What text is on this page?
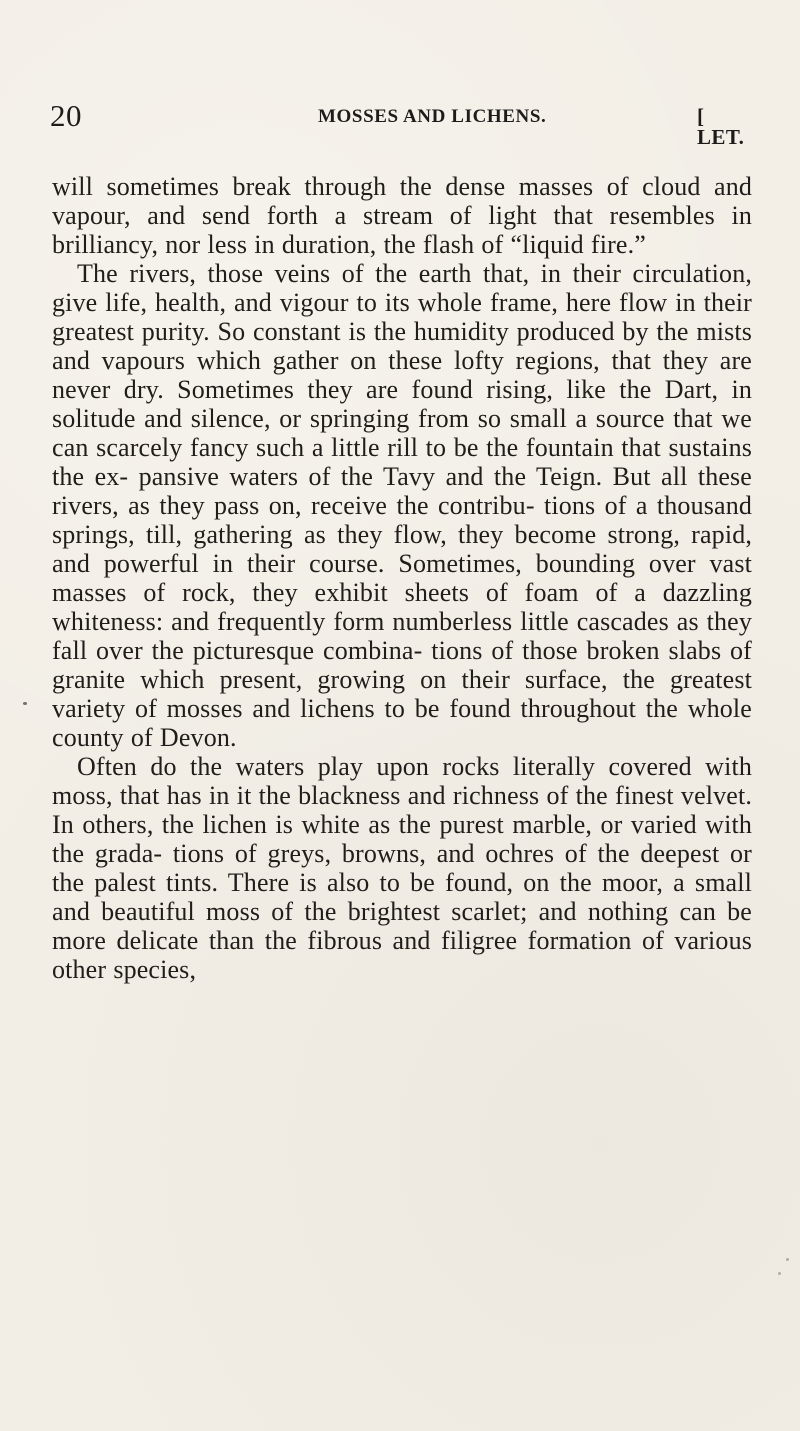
20	MOSSES AND LICHENS.	[ LET.

will sometimes break through the dense masses of cloud and vapour, and send forth a stream of light that resembles in brilliancy, nor less in duration, the flash of “liquid fire.”

The rivers, those veins of the earth that, in their circulation, give life, health, and vigour to its whole frame, here flow in their greatest purity. So constant is the humidity produced by the mists and vapours which gather on these lofty regions, that they are never dry. Sometimes they are found rising, like the Dart, in solitude and silence, or springing from so small a source that we can scarcely fancy such a little rill to be the fountain that sustains the ex- pansive waters of the Tavy and the Teign. But all these rivers, as they pass on, receive the contribu- tions of a thousand springs, till, gathering as they flow, they become strong, rapid, and powerful in their course. Sometimes, bounding over vast masses of rock, they exhibit sheets of foam of a dazzling whiteness: and frequently form numberless little cascades as they fall over the picturesque combina- tions of those broken slabs of granite which present, growing on their surface, the greatest variety of mosses and lichens to be found throughout the whole county of Devon.

Often do the waters play upon rocks literally covered with moss, that has in it the blackness and richness of the finest velvet. In others, the lichen is white as the purest marble, or varied with the grada- tions of greys, browns, and ochres of the deepest or the palest tints. There is also to be found, on the moor, a small and beautiful moss of the brightest scarlet; and nothing can be more delicate than the fibrous and filigree formation of various other species,
